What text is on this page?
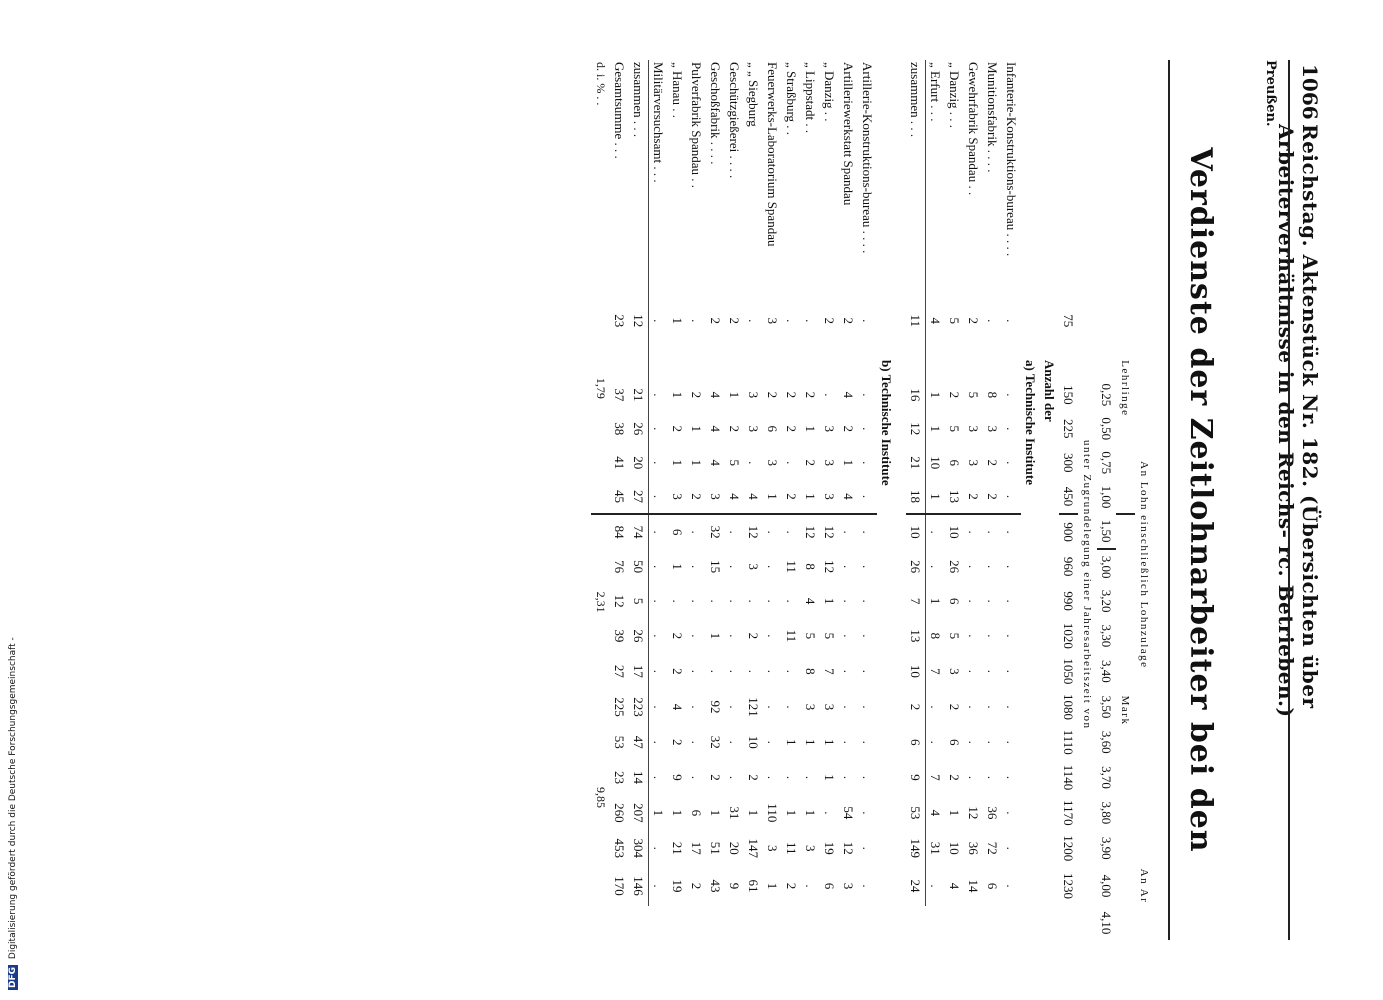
1066
Reichstag. Aktenstück Nr. 182. (Übersichten über Arbeiterverhältnisse in den Reichs- rc. Betrieben.)
Preußen.
Verdienste der Zeitlohnarbeiter bei den
	An Lohn einschließlich Lohnzulage															An Ar	
	Lehrlinge					Mark											
		0,25	0,50	0,75	1,00	1,50	3,00	3,20	3,30	3,40	3,50	3,60	3,70	3,80	3,90	4,00	4,10
	unter Zugrundelegung einer Jahresarbeitszeit von																
	75	150	225	300	450	900	960	990	1020	1050	1080	1110	1140	1170	1200	1230	
Anzahl der																	
a) Technische Institute																	
Infanterie-Konstruktions-bureau . . . .	.	.	.	.	.	.	.	.	.	.	.	.	.	.	.	.	
Munitionsfabrik . . . .	.	8	3	2	2	.	.	.	.	.	.	.	.	36	72	6	
Gewehrfabrik Spandau . .	2	5	3	3	2	.	.	.	.	.	.	.	.	12	36	14	
„ Danzig . . .	5	2	5	6	13	10	26	6	5	3	2	6	2	1	10	4	
„ Erfurt . . .	4	1	1	10	1	.	.	1	8	7	.	.	7	4	31	.	
zusammen . . .	11	16	12	21	18	10	26	7	13	10	2	6	9	53	149	24	
b) Technische Institute																	
Artillerie-Konstruktions-bureau . . . .	.	.	.	.	.	.	.	.	.	.	.	.	.	.	.	.	
Artilleriewerkstatt Spandau	2	4	2	1	4	.	.	.	.	.	.	.	.	54	12	3	
„ Danzig . .	2	.	3	3	3	12	12	1	5	7	3	1	1	.	19	6	
„ Lippstadt . .	.	2	1	2	1	12	8	4	5	8	3	1	.	1	3	.	
„ Straßburg . .	.	2	2	.	2	.	11	.	11	.	.	1	.	1	11	2	
Feuerwerks-Laboratorium Spandau	3	2	6	3	1	.	.	.	.	.	.	.	.	110	3	1	
„ „ Siegburg	.	3	3	.	4	12	3	.	2	.	121	10	2	1	147	61	
Geschützgießerei . . . .	2	1	2	5	4	.	.	.	.	.	.	.	.	31	20	9	
Geschoßfabrik . . . .	2	4	4	4	3	32	15	.	1	.	92	32	2	1	51	43	
Pulverfabrik Spandau . .	.	2	1	1	2	.	.	.	.	.	.	.	.	6	17	2	
„ Hanau . .	1	1	2	1	3	6	1	.	2	2	4	2	9	1	21	19	
Militärversuchsamt . . .	.	.	.	.	.	.	.	.	.	.	.	.	.	1	.	.	
zusammen . . .	12	21	26	20	27	74	50	5	26	17	223	47	14	207	304	146	
Gesamtsumme . . .	23	37	38	41	45	84	76	12	39	27	225	53	23	260	453	170	
d. i. % . .	1,79					2,31					9,85						
DFG Digitalisierung gefördert durch die Deutsche Forschungsgemeinschaft -
